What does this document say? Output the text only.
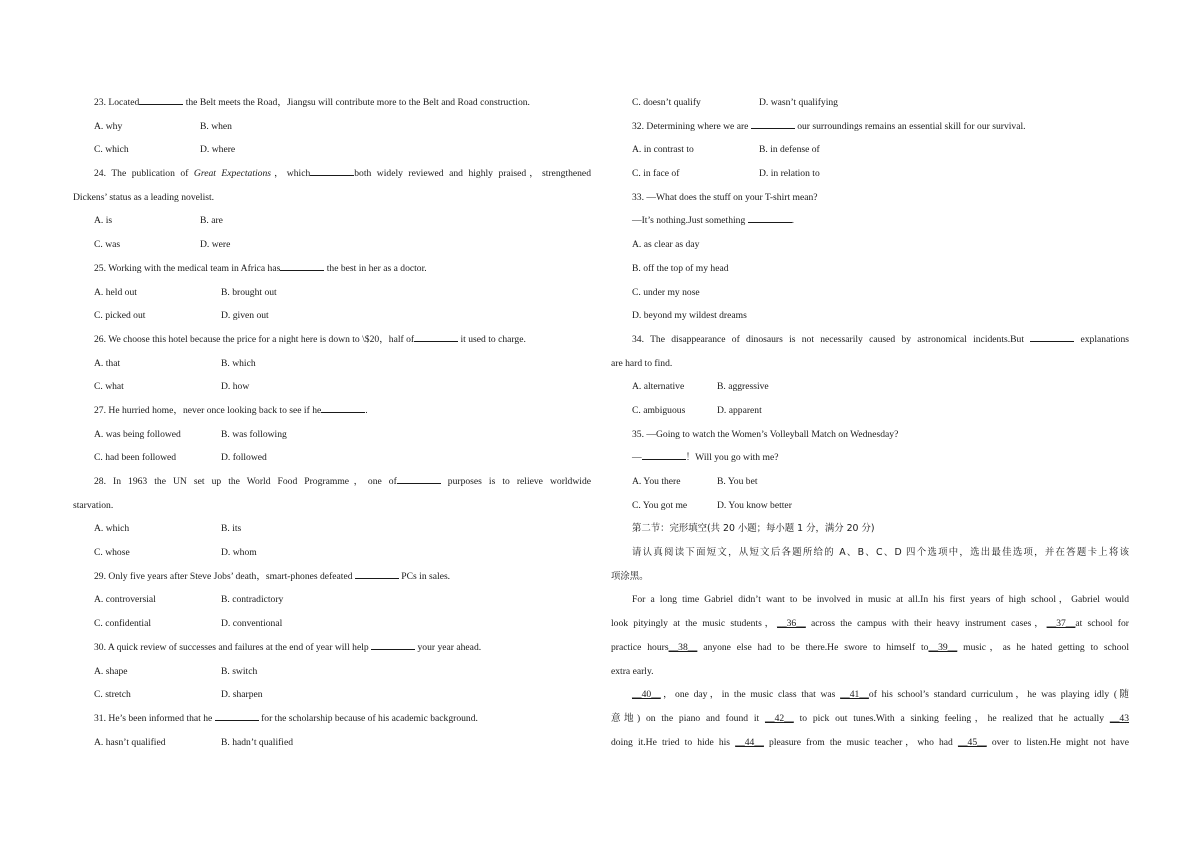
23. Located	the Belt meets the Road，Jiangsu will contribute more to the Belt and Road construction.
A. why	B. when
C. which	D. where
24. The publication of Great Expectations，which	both widely reviewed and highly praised，strengthened
Dickens’ status as a leading novelist.
A. is	B. are
C. was	D. were
25. Working with the medical team in Africa has	the best in her as a doctor.
A. held out	B. brought out
C. picked out	D. given out
26. We choose this hotel because the price for a night here is down to \$20，half of	it used to charge.
A. that	B. which
C. what	D. how
27. He hurried home，never once looking back to see if he	.
A. was being followed	B. was following
C. had been followed	D. followed
28. In 1963 the UN set up the World Food Programme，one of	purposes is to relieve worldwide
starvation.
A. which	B. its
C. whose	D. whom
29. Only five years after Steve Jobs’ death，smart-phones defeated	PCs in sales.
A. controversial	B. contradictory
C. confidential	D. conventional
30. A quick review of successes and failures at the end of year will help	your year ahead.
A. shape	B. switch
C. stretch	D. sharpen
31. He’s been informed that he	for the scholarship because of his academic background.
A. hasn’t qualified	B. hadn’t qualified
C. doesn’t qualify	D. wasn’t qualifying
32. Determining where we are	our surroundings remains an essential skill for our survival.
A. in contrast to	B. in defense of
C. in face of	D. in relation to
33. —What does the stuff on your T-shirt mean?
—It’s nothing.Just something	.
A. as clear as day
B. off the top of my head
C. under my nose
D. beyond my wildest dreams
34. The disappearance of dinosaurs is not necessarily caused by astronomical incidents.But	explanations
are hard to find.
A. alternative	B. aggressive
C. ambiguous	D. apparent
35. —Going to watch the Women’s Volleyball Match on Wednesday?
—	！Will you go with me?
A. You there	B. You bet
C. You got me	D. You know better
第二节：完形填空(共 20 小题；每小题 1 分，满分 20 分)
请认真阅读下面短文，从短文后各题所给的 A、B、C、D 四个选项中，选出最佳选项，并在答题卡上将该
项涂黑。
For a long time Gabriel didn’t want to be involved in music at all.In his first years of high school，Gabriel would
look pityingly at the music students，__36__ across the campus with their heavy instrument cases，__37__at school for
practice hours__38__ anyone else had to be there.He swore to himself to__39__ music，as he hated getting to school
extra early.
__40__，one day，in the music class that was __41__of his school’s standard curriculum，he was playing idly (随
意地) on the piano and found it __42__ to pick out tunes.With a sinking feeling，he realized that he actually __43
doing it.He tried to hide his __44__ pleasure from the music teacher，who had __45__ over to listen.He might not have
